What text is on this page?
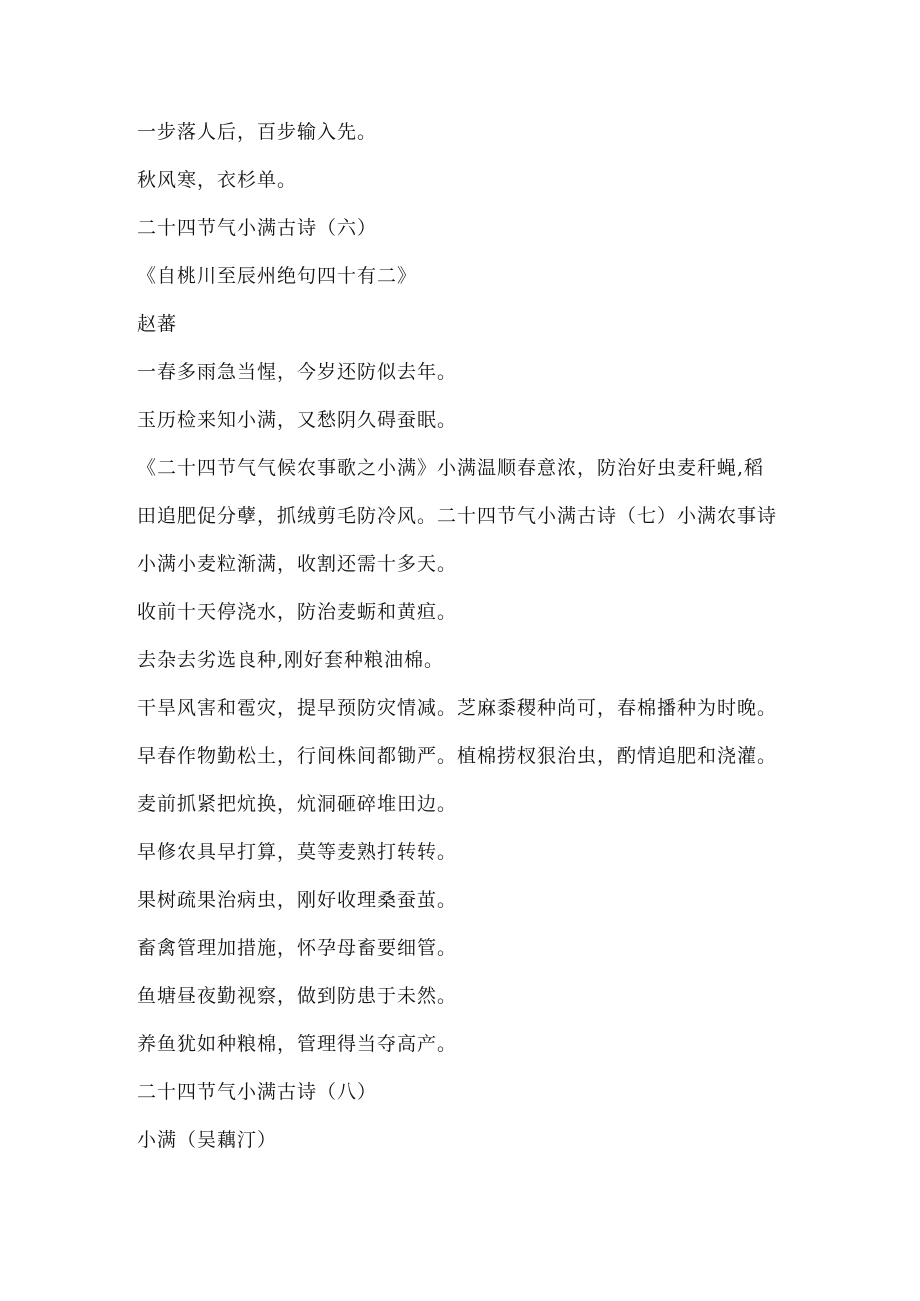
一步落人后，百步输入先。

秋风寒，衣杉单。

二十四节气小满古诗（六）

《自桃川至辰州绝句四十有二》

赵蕃

一春多雨急当惺，今岁还防似去年。

玉历检来知小满，又愁阴久碍蚕眠。

《二十四节气气候农事歌之小满》小满温顺春意浓，防治好虫麦秆蝇,稻

田追肥促分孽，抓绒剪毛防冷风。二十四节气小满古诗（七）小满农事诗

小满小麦粒渐满，收割还需十多天。

收前十天停浇水，防治麦蛎和黄疸。

去杂去劣选良种,刚好套种粮油棉。

干旱风害和雹灾，提早预防灾情减。芝麻黍稷种尚可，春棉播种为时晚。

早春作物勤松土，行间株间都锄严。植棉捞杈狠治虫，酌情追肥和浇灌。

麦前抓紧把炕换，炕洞砸碎堆田边。

早修农具早打算，莫等麦熟打转转。

果树疏果治病虫，刚好收理桑蚕茧。

畜禽管理加措施，怀孕母畜要细管。

鱼塘昼夜勤视察，做到防患于未然。

养鱼犹如种粮棉，管理得当夺高产。

二十四节气小满古诗（八）

小满（吴藕汀）
